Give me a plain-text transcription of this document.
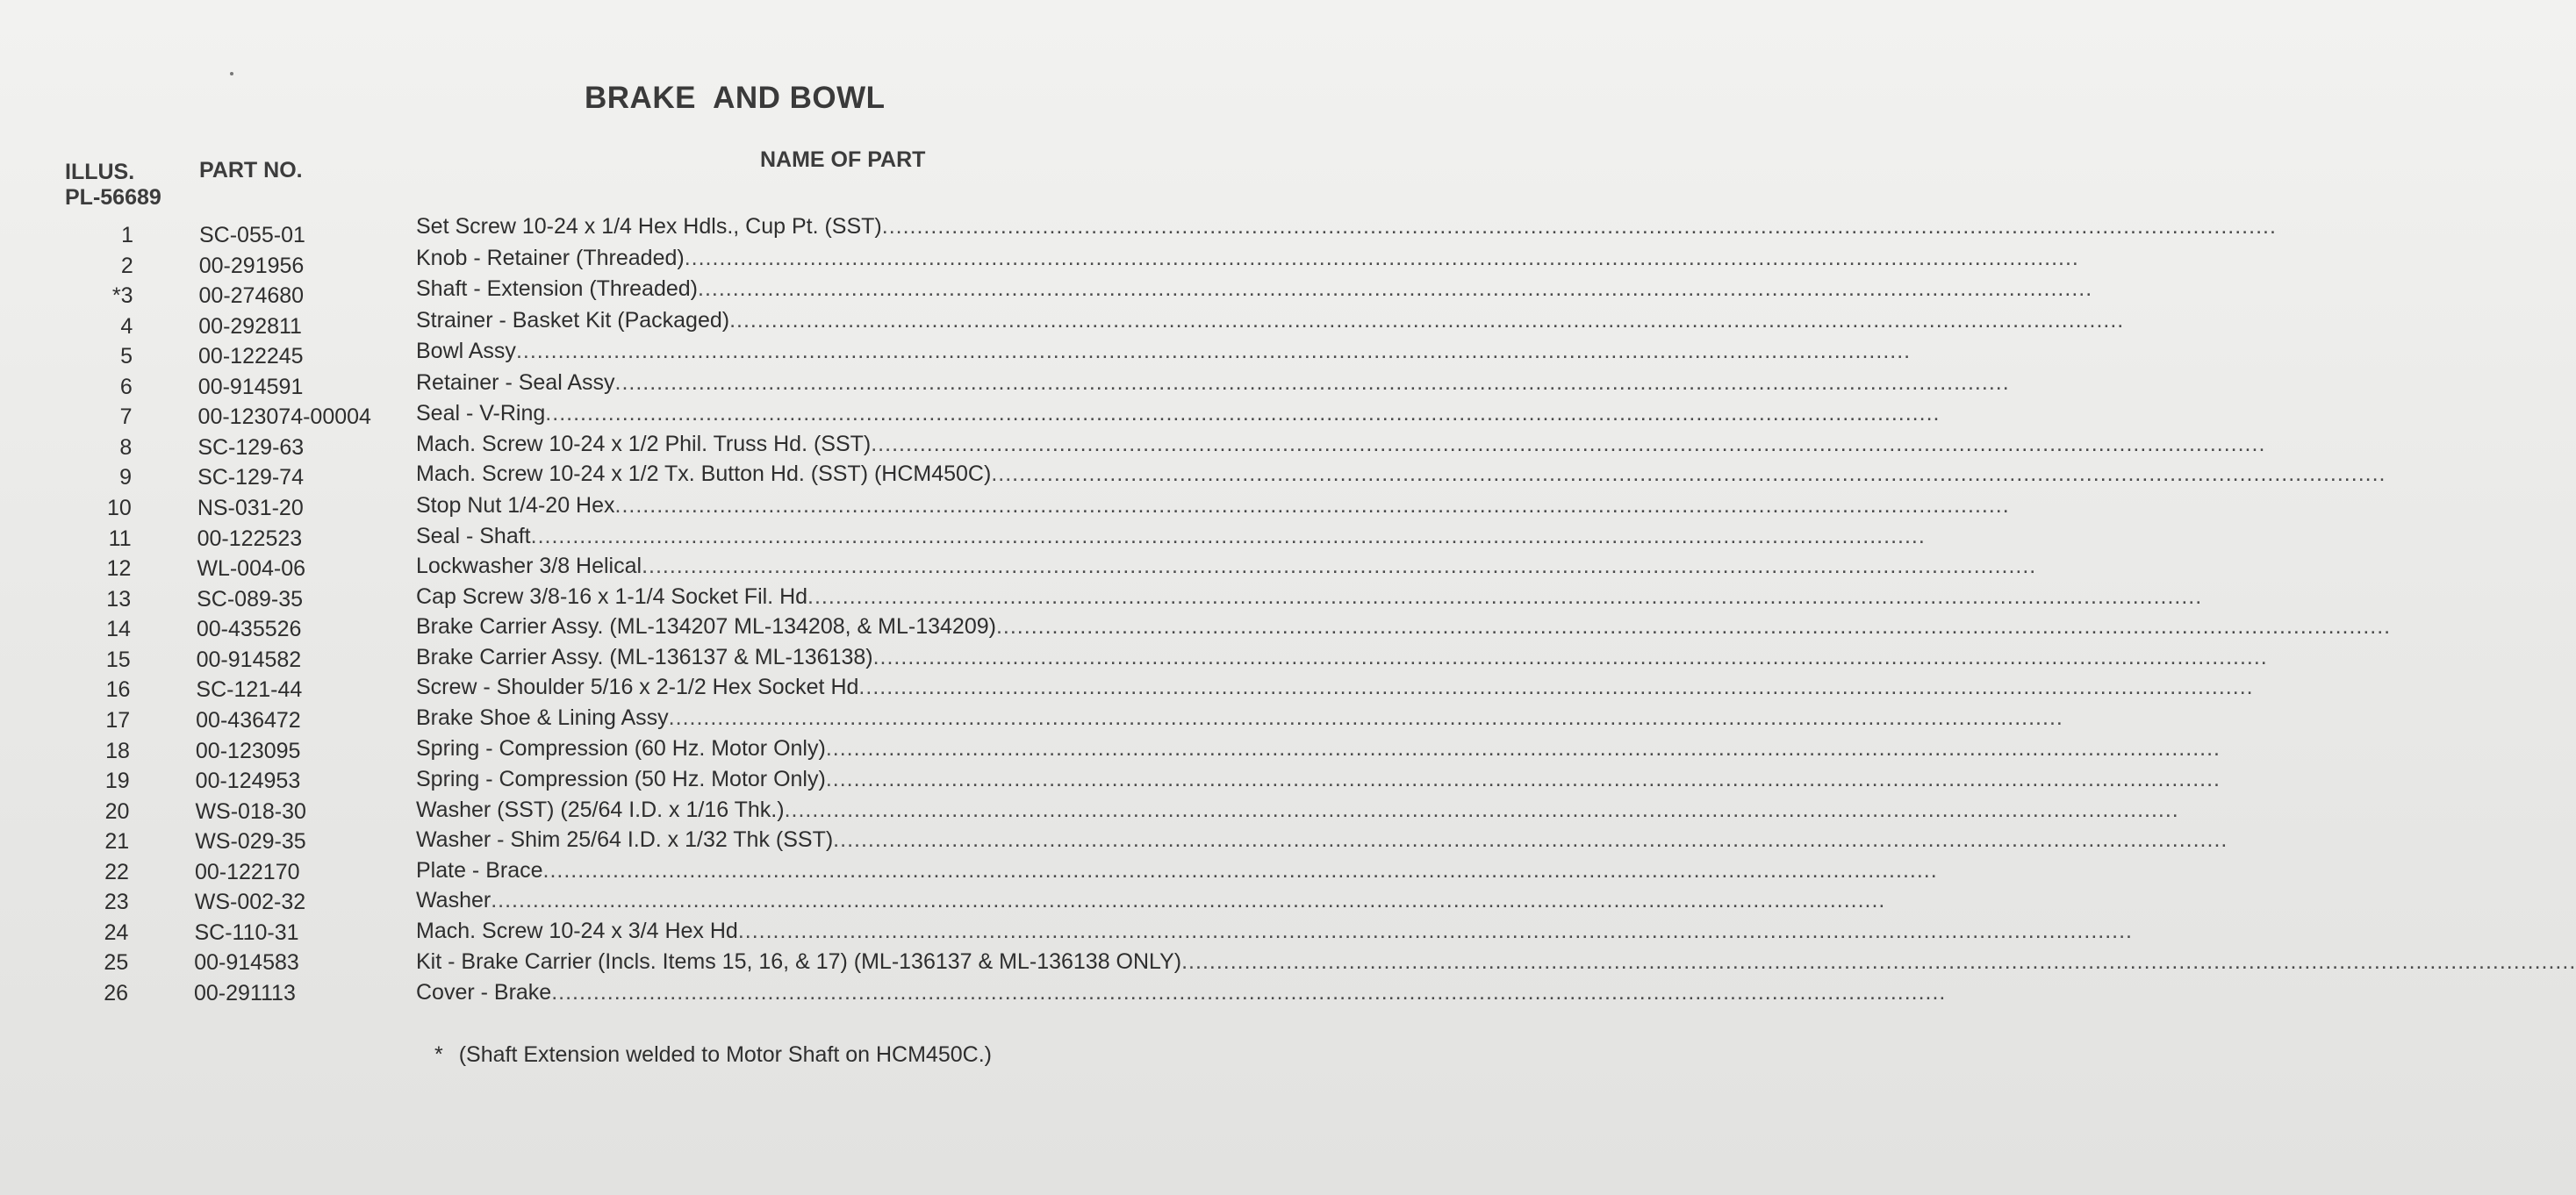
BRAKE  AND BOWL
ILLUS.
PL-56689
PART NO.	NAME OF PART
1	SC-055-01	Set Screw 10-24 x 1/4 Hex Hdls., Cup Pt. (SST)........................................................................................................................................................................................................
2	00-291956	Knob - Retainer (Threaded)........................................................................................................................................................................................................
*3	00-274680	Shaft - Extension (Threaded)........................................................................................................................................................................................................
4	00-292811	Strainer - Basket Kit (Packaged)........................................................................................................................................................................................................
5	00-122245	Bowl Assy........................................................................................................................................................................................................
6	00-914591	Retainer - Seal Assy........................................................................................................................................................................................................
7	00-123074-00004 Seal - V-Ring........................................................................................................................................................................................................
8	SC-129-63	Mach. Screw 10-24 x 1/2 Phil. Truss Hd. (SST)........................................................................................................................................................................................................
9	SC-129-74	Mach. Screw 10-24 x 1/2 Tx. Button Hd. (SST) (HCM450C)........................................................................................................................................................................................................
10	NS-031-20	Stop Nut 1/4-20 Hex........................................................................................................................................................................................................
11	00-122523	Seal - Shaft........................................................................................................................................................................................................
12	WL-004-06	Lockwasher 3/8 Helical........................................................................................................................................................................................................
13	SC-089-35	Cap Screw 3/8-16 x 1-1/4 Socket Fil. Hd........................................................................................................................................................................................................
14	00-435526	Brake Carrier Assy. (ML-134207 ML-134208, & ML-134209)........................................................................................................................................................................................................
15	00-914582	Brake Carrier Assy. (ML-136137 & ML-136138)........................................................................................................................................................................................................
16	SC-121-44	Screw - Shoulder 5/16 x 2-1/2 Hex Socket Hd........................................................................................................................................................................................................
17	00-436472	Brake Shoe & Lining Assy........................................................................................................................................................................................................
18	00-123095	Spring - Compression (60 Hz. Motor Only)........................................................................................................................................................................................................
19	00-124953	Spring - Compression (50 Hz. Motor Only)........................................................................................................................................................................................................
20	WS-018-30	Washer (SST) (25/64 I.D. x 1/16 Thk.)........................................................................................................................................................................................................
21	WS-029-35	Washer - Shim 25/64 I.D. x 1/32 Thk (SST)........................................................................................................................................................................................................
22	00-122170	Plate - Brace........................................................................................................................................................................................................
23	WS-002-32	Washer........................................................................................................................................................................................................
24	SC-110-31	Mach. Screw 10-24 x 3/4 Hex Hd........................................................................................................................................................................................................
25	00-914583	Kit - Brake Carrier (Incls. Items 15, 16, & 17) (ML-136137 & ML-136138 ONLY)........................................................................................................................................................................................................
26	00-291113	Cover - Brake........................................................................................................................................................................................................
* (Shaft Extension welded to Motor Shaft on HCM450C.)
